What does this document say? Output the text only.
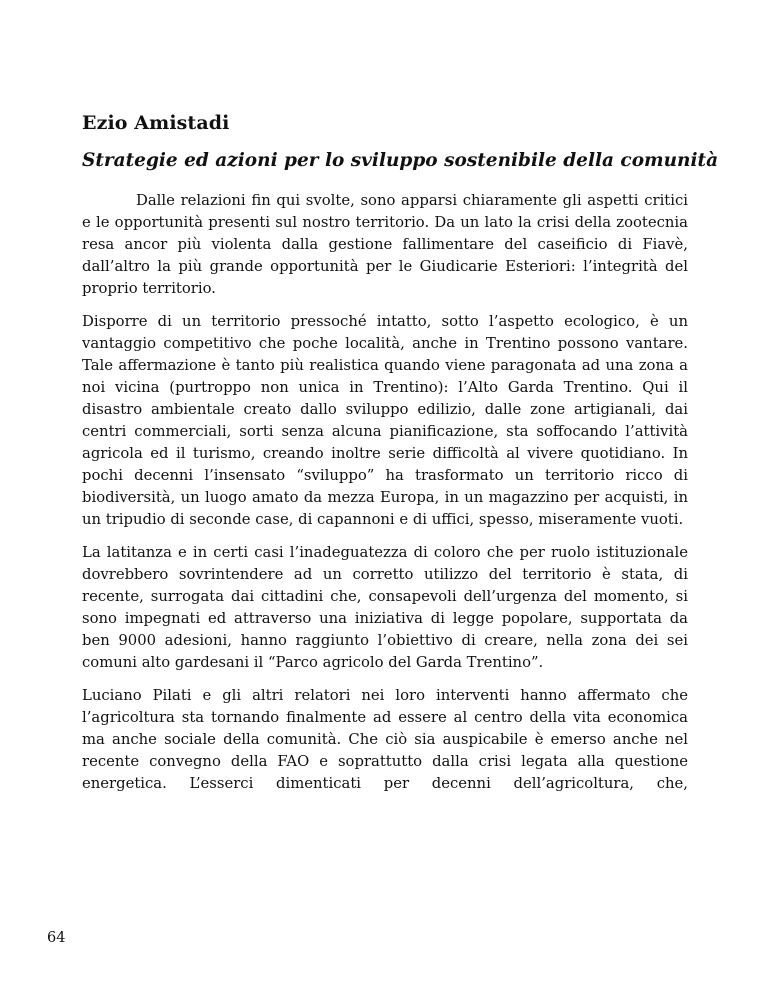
Ezio Amistadi
Strategie ed azioni per lo sviluppo sostenibile della comunità

Dalle relazioni fin qui svolte, sono apparsi chiaramente gli aspetti critici e le opportunità presenti sul nostro territorio. Da un lato la crisi della zootecnia resa ancor più violenta dalla gestione fallimentare del caseificio di Fiavè, dall’altro la più grande opportunità per le Giudicarie Esteriori: l’integrità del proprio territorio.

Disporre di un territorio pressoché intatto, sotto l’aspetto ecologico, è un vantaggio competitivo che poche località, anche in Trentino possono vantare. Tale affermazione è tanto più realistica quando viene paragonata ad una zona a noi vicina (purtroppo non unica in Trentino): l’Alto Garda Trentino. Qui il disastro ambientale creato dallo sviluppo edilizio, dalle zone artigianali, dai centri commerciali, sorti senza alcuna pianificazione, sta soffocando l’attività agricola ed il turismo, creando inoltre serie difficoltà al vivere quotidiano. In pochi decenni l’insensato “sviluppo” ha trasformato un territorio ricco di biodiversità, un luogo amato da mezza Europa, in un magazzino per acquisti, in un tripudio di seconde case, di capannoni e di uffici, spesso, miseramente vuoti.

La latitanza e in certi casi l’inadeguatezza di coloro che per ruolo istituzionale dovrebbero sovrintendere ad un corretto utilizzo del territorio è stata, di recente, surrogata dai cittadini che, consapevoli dell’urgenza del momento, si sono impegnati ed attraverso una iniziativa di legge popolare, supportata da ben 9000 adesioni, hanno raggiunto l’obiettivo di creare, nella zona dei sei comuni alto gardesani il “Parco agricolo del Garda Trentino”.

Luciano Pilati e gli altri relatori nei loro interventi hanno affermato che l’agricoltura sta tornando finalmente ad essere al centro della vita economica ma anche sociale della comunità. Che ciò sia auspicabile è emerso anche nel recente convegno della FAO e soprattutto dalla crisi legata alla questione energetica. L’esserci dimenticati per decenni dell’agricoltura, che,

64
